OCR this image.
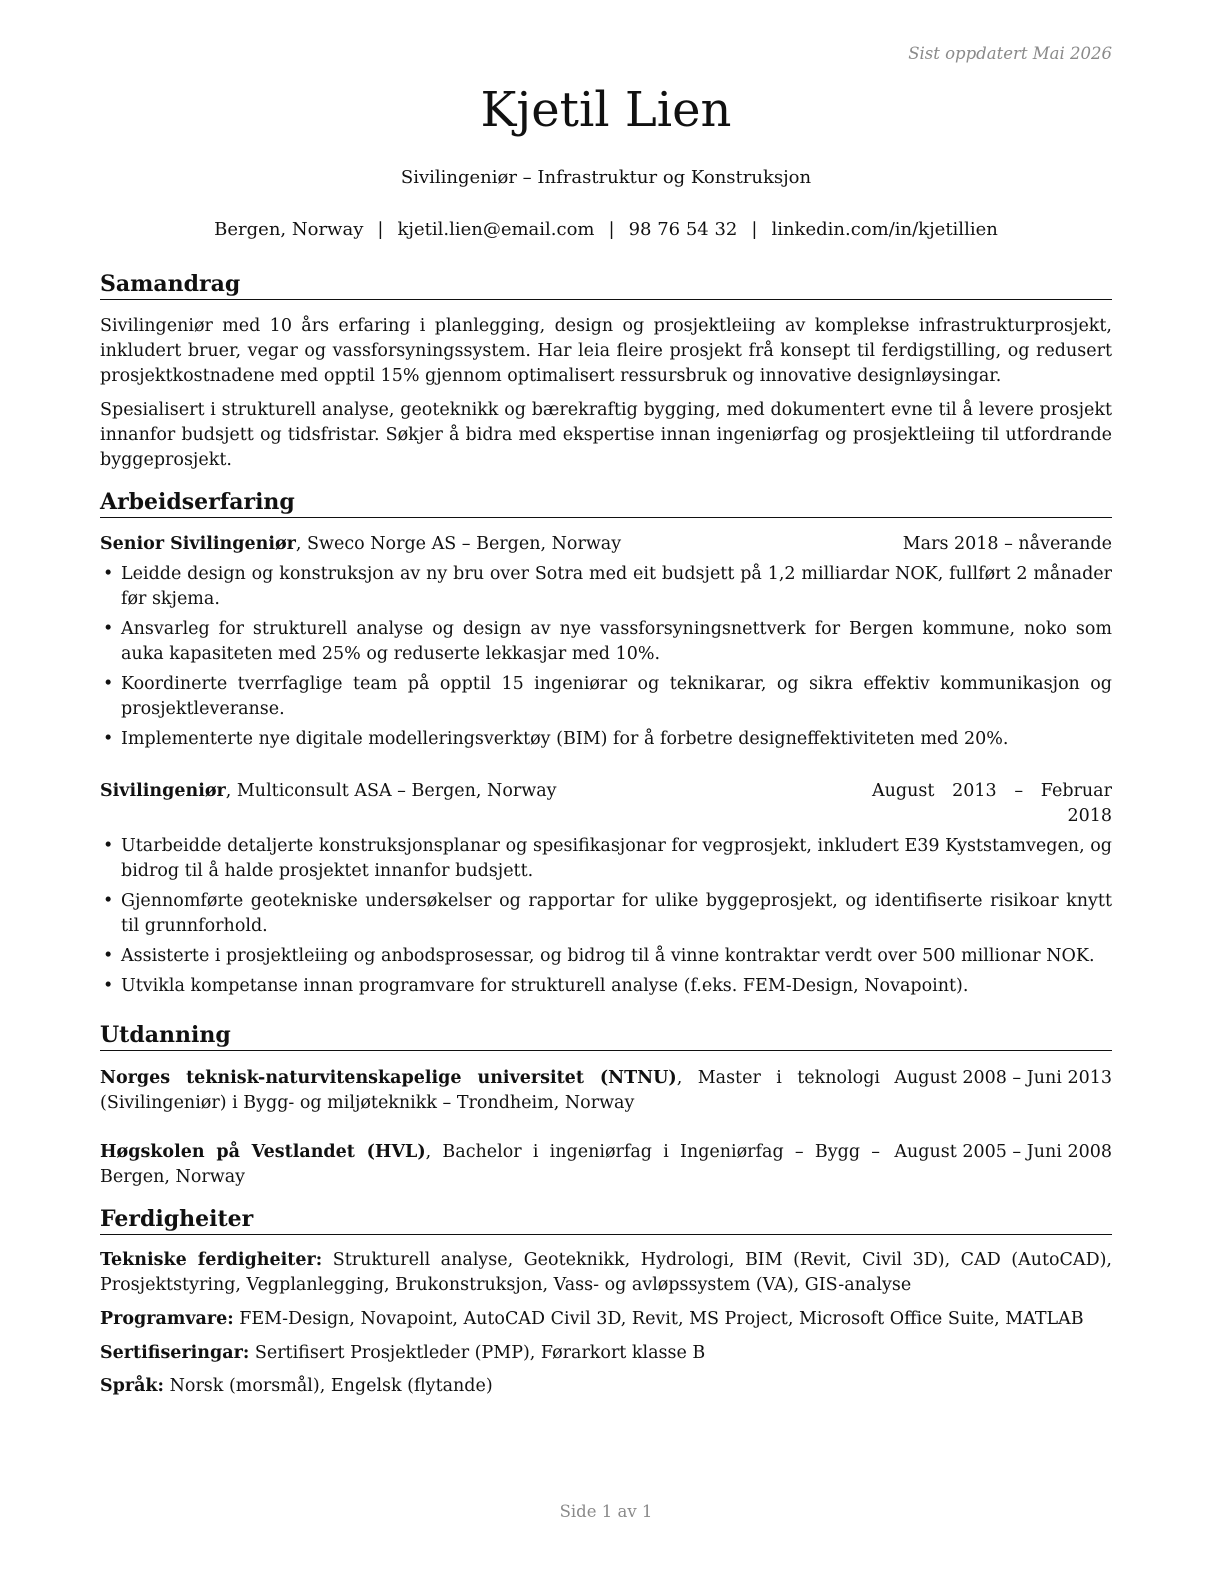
Sist oppdatert Mai 2026
Kjetil Lien
Sivilingeniør – Infrastruktur og Konstruksjon
Bergen, Norway | kjetil.lien@email.com | 98 76 54 32 | linkedin.com/in/kjetillien
Samandrag
Sivilingeniør med 10 års erfaring i planlegging, design og prosjektleiing av komplekse infrastrukturprosjekt, inkludert bruer, vegar og vassforsyningssystem. Har leia fleire prosjekt frå konsept til ferdigstilling, og redusert prosjektkostnadene med opptil 15% gjennom optimalisert ressursbruk og innovative designløysingar.
Spesialisert i strukturell analyse, geoteknikk og bærekraftig bygging, med dokumentert evne til å levere prosjekt innanfor budsjett og tidsfristar. Søkjer å bidra med ekspertise innan ingeniørfag og prosjektleiing til utfordrande byggeprosjekt.
Arbeidserfaring
Senior Sivilingeniør, Sweco Norge AS – Bergen, Norway	Mars 2018 – nåverande
• Leidde design og konstruksjon av ny bru over Sotra med eit budsjett på 1,2 milliardar NOK, fullført 2 månader før skjema.
• Ansvarleg for strukturell analyse og design av nye vassforsyningsnettverk for Bergen kommune, noko som auka kapasiteten med 25% og reduserte lekkasjar med 10%.
• Koordinerte tverrfaglige team på opptil 15 ingeniørar og teknikarar, og sikra effektiv kommunikasjon og prosjektleveranse.
• Implementerte nye digitale modelleringsverktøy (BIM) for å forbetre designeffektiviteten med 20%.
Sivilingeniør, Multiconsult ASA – Bergen, Norway	August 2013 – Februar 2018
• Utarbeidde detaljerte konstruksjonsplanar og spesifikasjonar for vegprosjekt, inkludert E39 Kyststamvegen, og bidrog til å halde prosjektet innanfor budsjett.
• Gjennomførte geotekniske undersøkelser og rapportar for ulike byggeprosjekt, og identifiserte risikoar knytt til grunnforhold.
• Assisterte i prosjektleiing og anbodsprosessar, og bidrog til å vinne kontraktar verdt over 500 millionar NOK.
• Utvikla kompetanse innan programvare for strukturell analyse (f.eks. FEM-Design, Novapoint).
Utdanning
Norges teknisk-naturvitenskapelige universitet (NTNU), Master i teknologi (Sivilingeniør) i Bygg- og miljøteknikk – Trondheim, Norway
August 2008 – Juni 2013
Høgskolen på Vestlandet (HVL), Bachelor i ingeniørfag i Ingeniørfag – Bygg – Bergen, Norway
August 2005 – Juni 2008
Ferdigheiter
Tekniske ferdigheiter: Strukturell analyse, Geoteknikk, Hydrologi, BIM (Revit, Civil 3D), CAD (AutoCAD), Prosjektstyring, Vegplanlegging, Brukonstruksjon, Vass- og avløpssystem (VA), GIS-analyse
Programvare: FEM-Design, Novapoint, AutoCAD Civil 3D, Revit, MS Project, Microsoft Office Suite, MATLAB
Sertifiseringar: Sertifisert Prosjektleder (PMP), Førarkort klasse B
Språk: Norsk (morsmål), Engelsk (flytande)
Side 1 av 1
